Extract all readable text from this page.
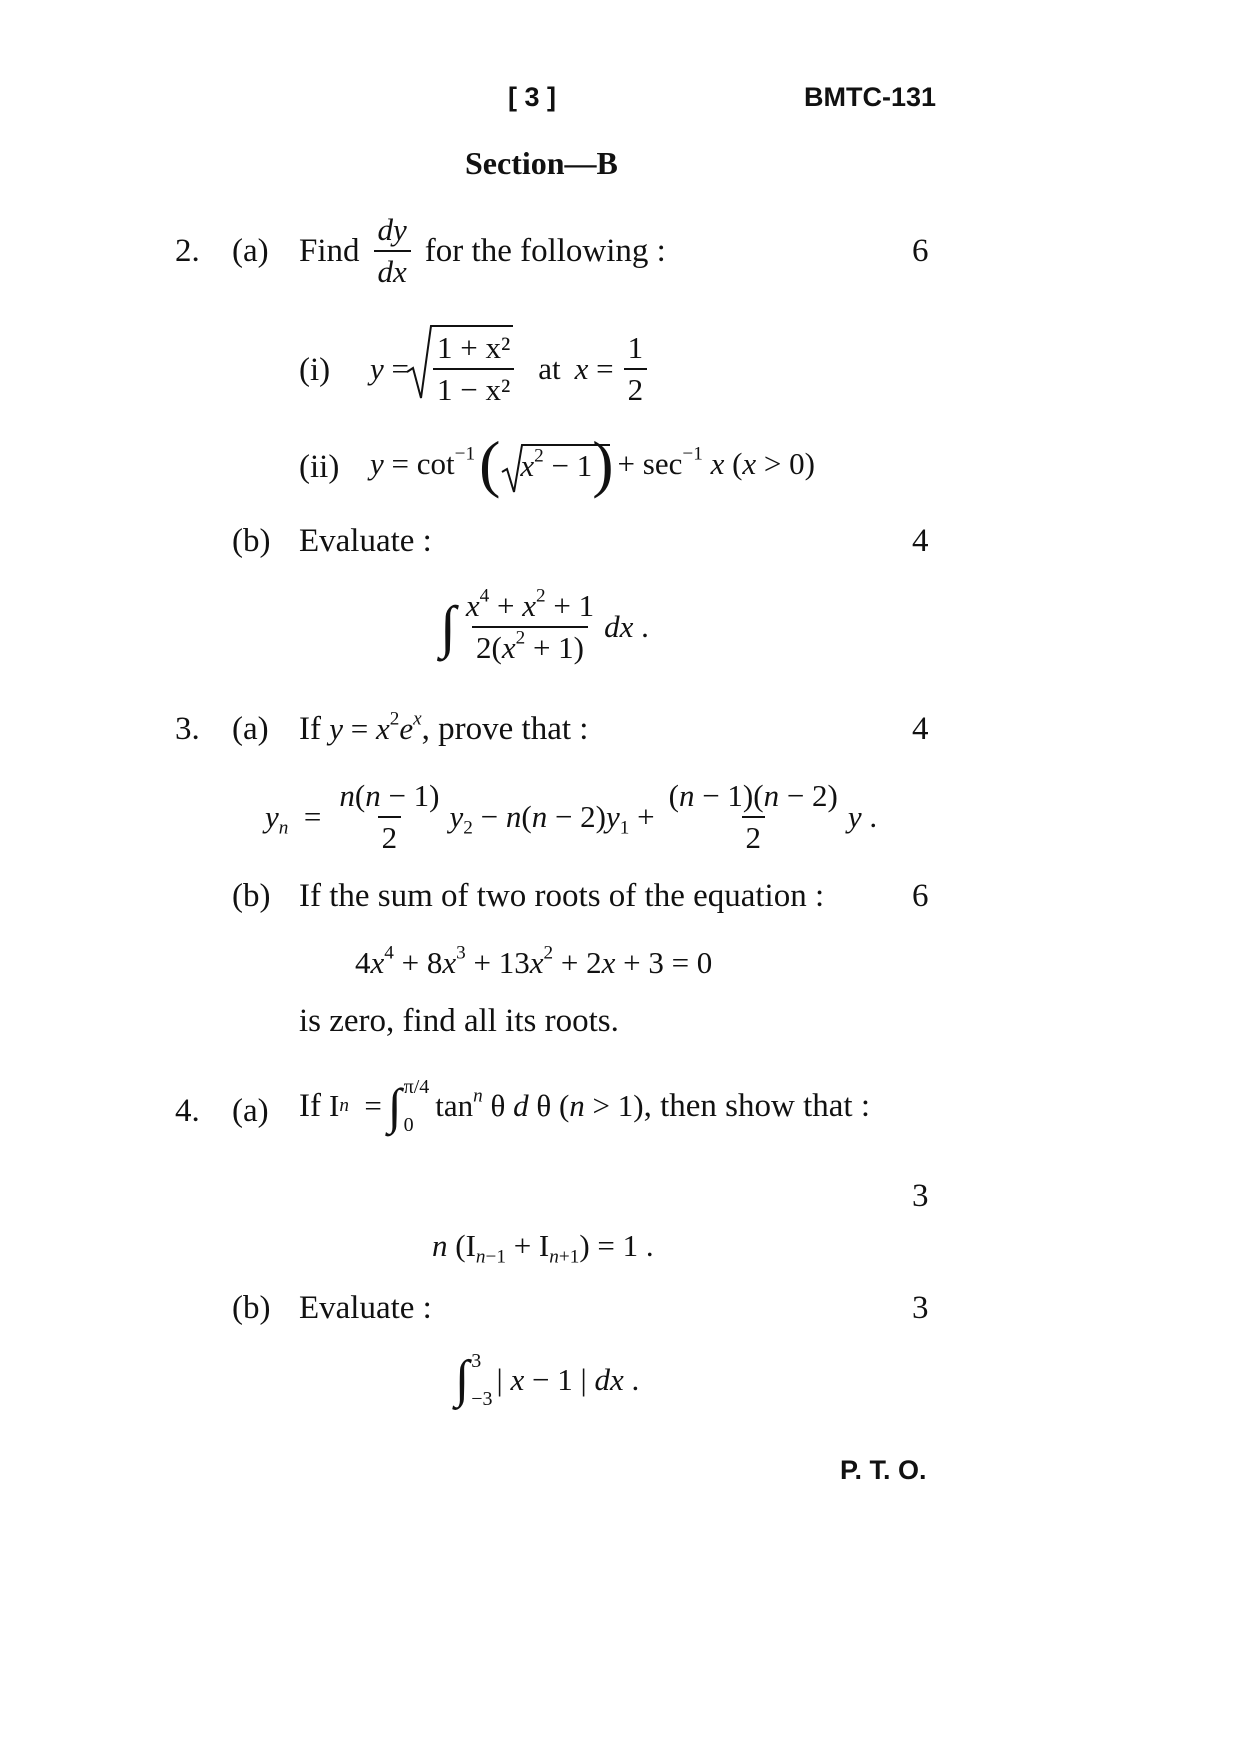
[ 3 ]	BMTC-131
Section—B
2. (a) Find $\frac{dy}{dx}$ for the following :	6
(i) $y = \frac{\text{1 + x²}}{\text{1 − x²}}$ at $x = \frac{1}{2}$
(ii) $y = \cot^{-1}$ ( $x^2 - 1$ ) + $\sec^{-1} x$ (x > 0)
(b) Evaluate :	4
∫ $\frac{x^4 + x^2 + 1}{2(x^2 + 1)}$ dx .
3. (a) If $y = x^2e^x$, prove that :	4
$y_n = \frac{n(n - 1)}{2} y_2 - n(n - 2)y_1 + \frac{(n - 1)(n - 2)}{2}$ y .
(b) If the sum of two roots of the equation :	6
$4x^4 + 8x^3 + 13x^2 + 2x + 3 = 0$
is zero, find all its roots.
4. (a) If I n = ∫ π/4
0
$\tan^n \theta$ d θ (n > 1) , then show that :
3
n $(I_{n-1} + I_{n+1}) = 1$ .
(b) Evaluate :	3
∫ 3
−3
| x − 1 | dx .
P. T. O.
